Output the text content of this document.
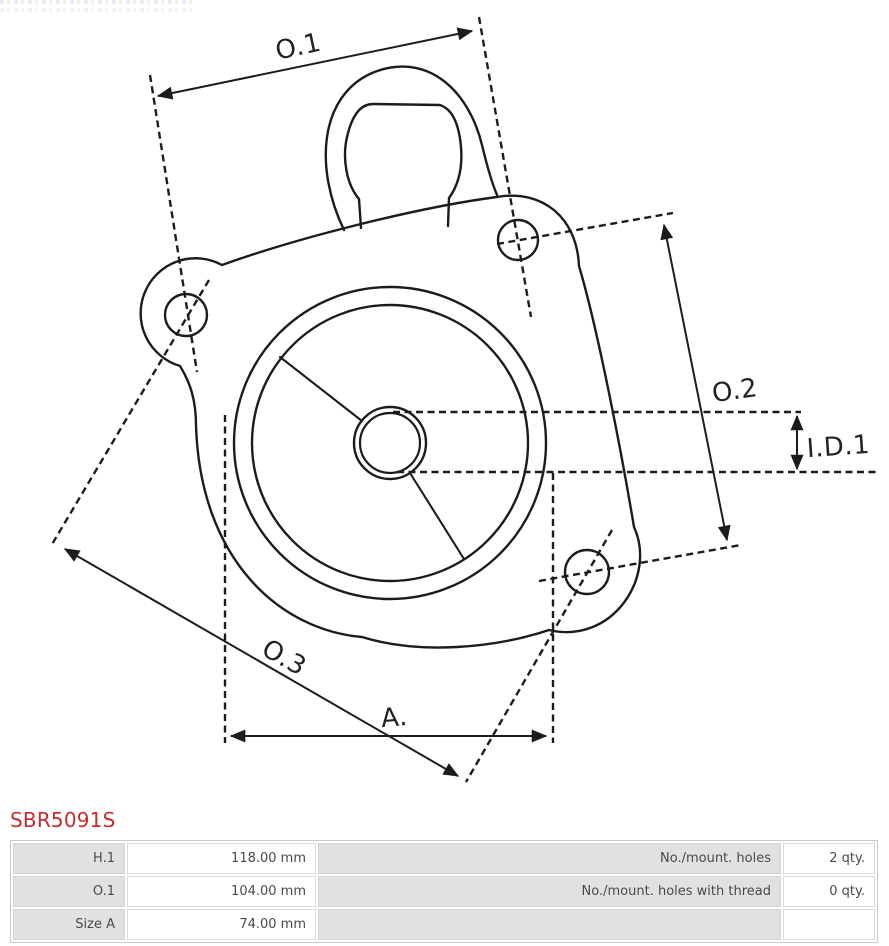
O.1
O.2
I.D.1
O.3
A.
SBR5091S
H.1	118.00 mm	No./mount. holes	2 qty.
O.1	104.00 mm	No./mount. holes with thread	0 qty.
Size A	74.00 mm
